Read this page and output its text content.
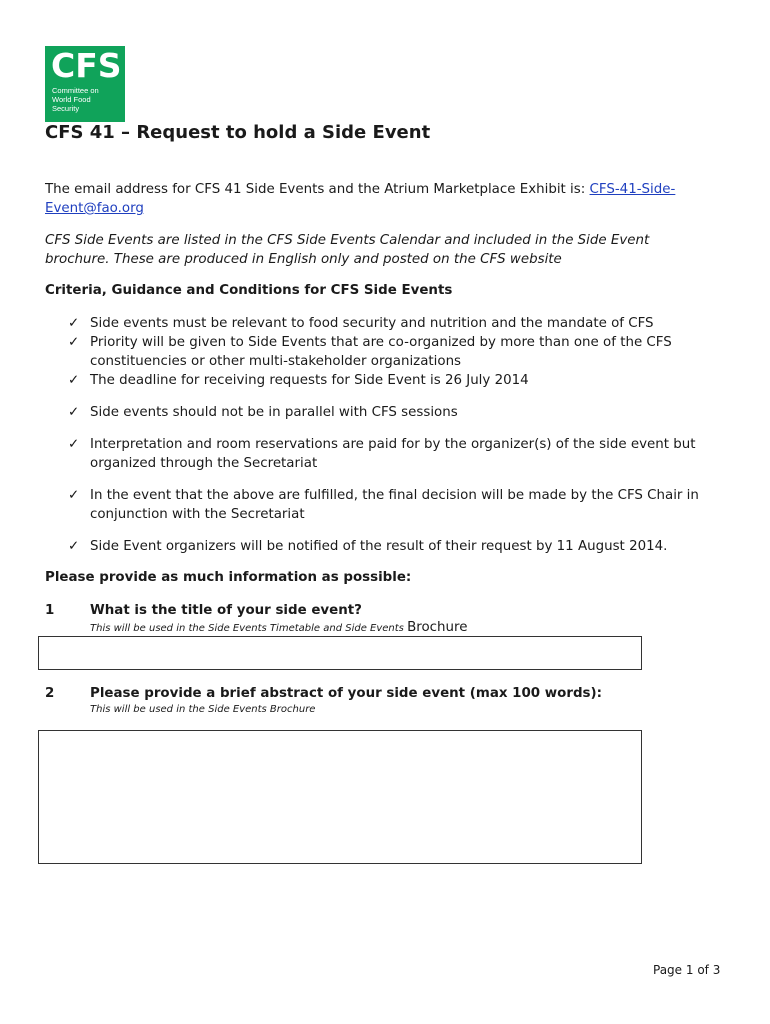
CFS
Committee on
World Food
Security
CFS 41 – Request to hold a Side Event
The email address for CFS 41 Side Events and the Atrium Marketplace Exhibit is: CFS-41-Side-Event@fao.org
CFS Side Events are listed in the CFS Side Events Calendar and included in the Side Event brochure. These are produced in English only and posted on the CFS website
Criteria, Guidance and Conditions for CFS Side Events
✓ Side events must be relevant to food security and nutrition and the mandate of CFS
✓ Priority will be given to Side Events that are co-organized by more than one of the CFS constituencies or other multi-stakeholder organizations
✓ The deadline for receiving requests for Side Event is 26 July 2014
✓ Side events should not be in parallel with CFS sessions
✓ Interpretation and room reservations are paid for by the organizer(s) of the side event but organized through the Secretariat
✓ In the event that the above are fulfilled, the final decision will be made by the CFS Chair in conjunction with the Secretariat
✓ Side Event organizers will be notified of the result of their request by 11 August 2014.
Please provide as much information as possible:
1	What is the title of your side event?
This will be used in the Side Events Timetable and Side Events Brochure
2	Please provide a brief abstract of your side event (max 100 words):
This will be used in the Side Events Brochure
Page 1 of 3
